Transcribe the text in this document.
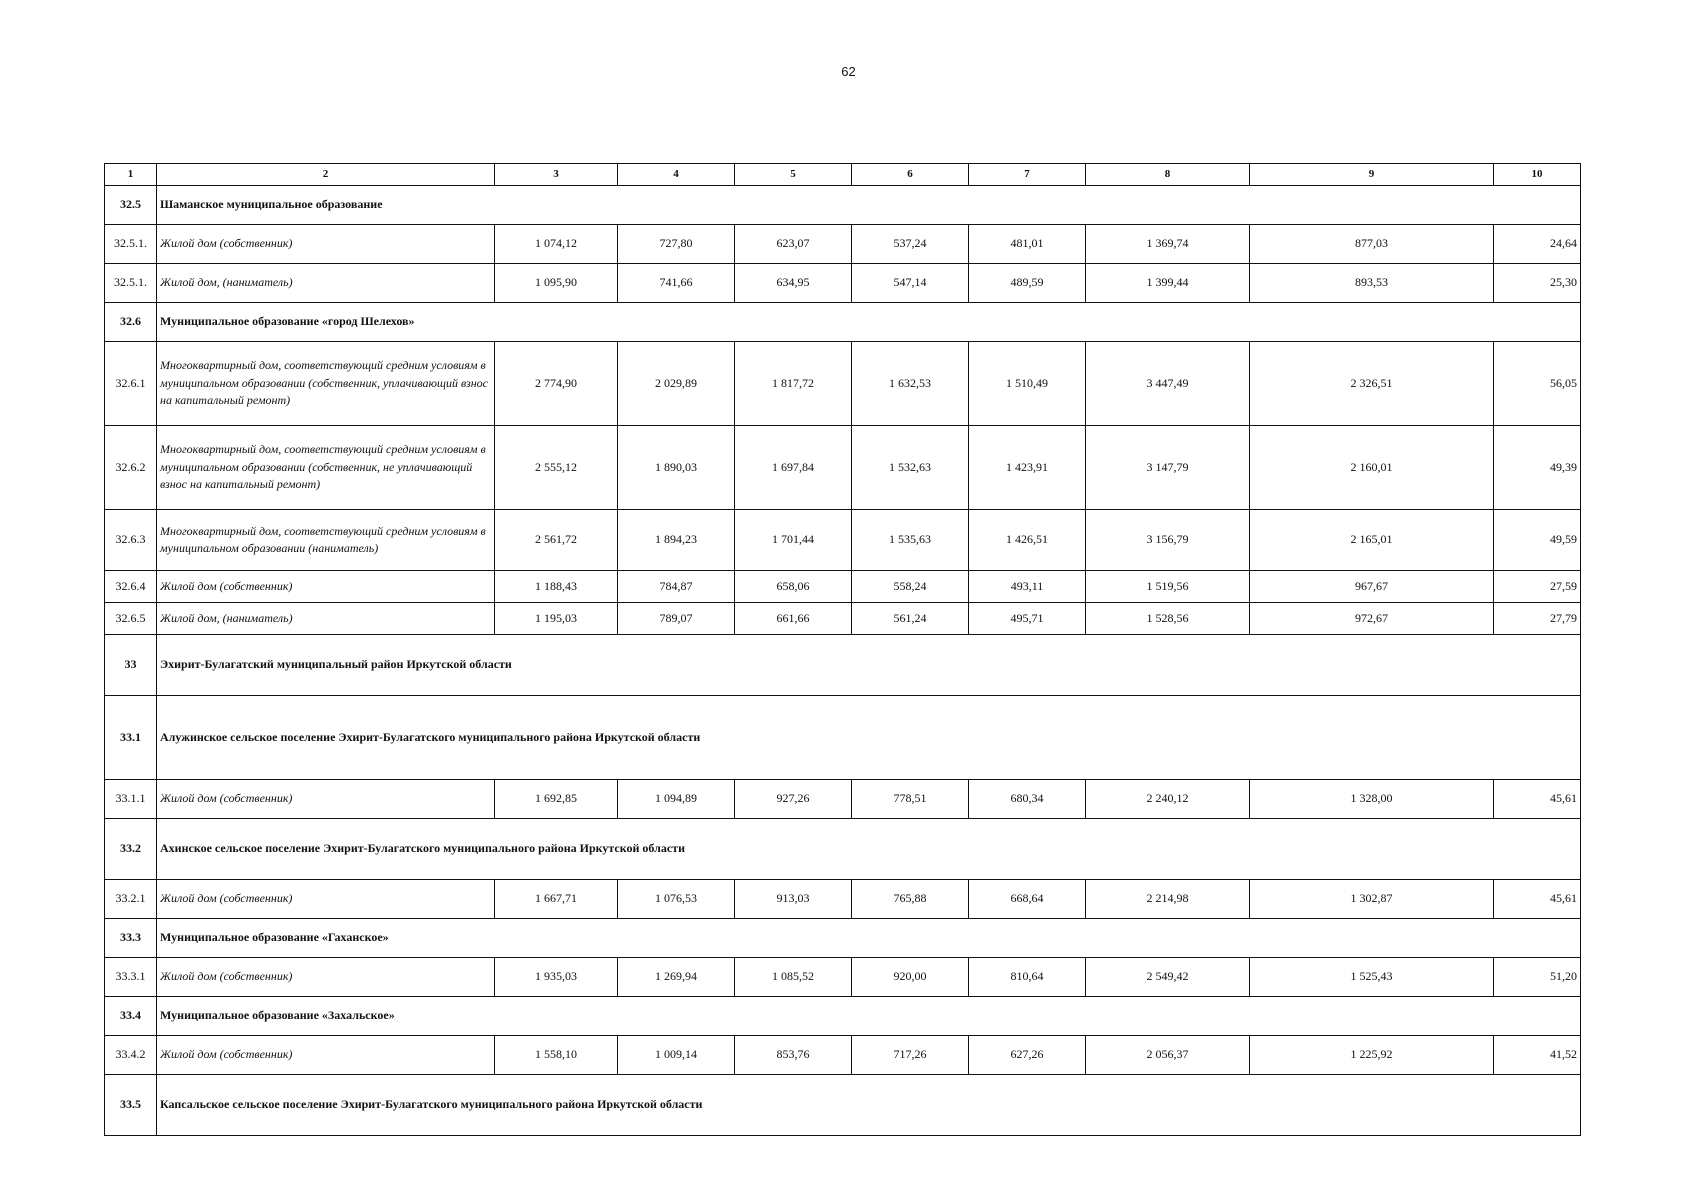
62
1	2	3	4	5	6	7	8	9	10
32.5	Шаманское муниципальное образование								
32.5.1.	Жилой дом (собственник)	1 074,12	727,80	623,07	537,24	481,01	1 369,74	877,03	24,64
32.5.1.	Жилой дом, (наниматель)	1 095,90	741,66	634,95	547,14	489,59	1 399,44	893,53	25,30
32.6	Муниципальное образование «город Шелехов»								
32.6.1	Многоквартирный дом, соответствующий средним условиям в муниципальном образовании (собственник, уплачивающий взнос на капитальный ремонт)	2 774,90	2 029,89	1 817,72	1 632,53	1 510,49	3 447,49	2 326,51	56,05
32.6.2	Многоквартирный дом, соответствующий средним условиям в муниципальном образовании (собственник, не уплачивающий взнос на капитальный ремонт)	2 555,12	1 890,03	1 697,84	1 532,63	1 423,91	3 147,79	2 160,01	49,39
32.6.3	Многоквартирный дом, соответствующий средним условиям в муниципальном образовании (наниматель)	2 561,72	1 894,23	1 701,44	1 535,63	1 426,51	3 156,79	2 165,01	49,59
32.6.4	Жилой дом (собственник)	1 188,43	784,87	658,06	558,24	493,11	1 519,56	967,67	27,59
32.6.5	Жилой дом, (наниматель)	1 195,03	789,07	661,66	561,24	495,71	1 528,56	972,67	27,79
33	Эхирит-Булагатский муниципальный район Иркутской области								
33.1	Алужинское сельское поселение Эхирит-Булагатского муниципального района Иркутской области								
33.1.1	Жилой дом (собственник)	1 692,85	1 094,89	927,26	778,51	680,34	2 240,12	1 328,00	45,61
33.2	Ахинское сельское поселение Эхирит-Булагатского муниципального района Иркутской области								
33.2.1	Жилой дом (собственник)	1 667,71	1 076,53	913,03	765,88	668,64	2 214,98	1 302,87	45,61
33.3	Муниципальное образование «Гаханское»								
33.3.1	Жилой дом (собственник)	1 935,03	1 269,94	1 085,52	920,00	810,64	2 549,42	1 525,43	51,20
33.4	Муниципальное образование «Захальское»								
33.4.2	Жилой дом (собственник)	1 558,10	1 009,14	853,76	717,26	627,26	2 056,37	1 225,92	41,52
33.5	Капсальское сельское поселение Эхирит-Булагатского муниципального района Иркутской области								
